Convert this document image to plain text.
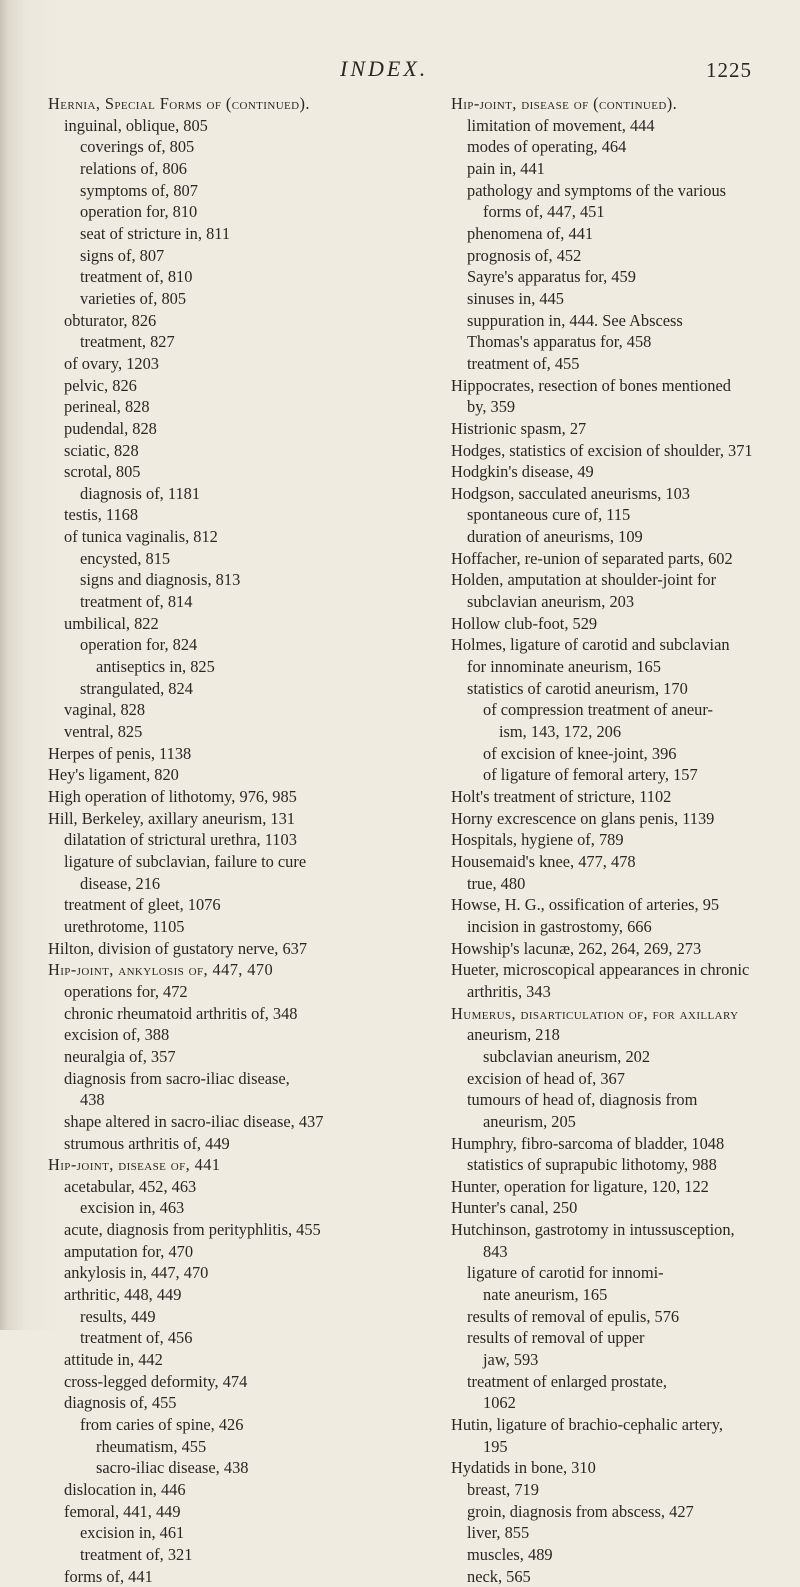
INDEX.	1225
Hernia, Special Forms of (continued).
inguinal, oblique, 805
coverings of, 805
relations of, 806
symptoms of, 807
operation for, 810
seat of stricture in, 811
signs of, 807
treatment of, 810
varieties of, 805
obturator, 826
treatment, 827
of ovary, 1203
pelvic, 826
perineal, 828
pudendal, 828
sciatic, 828
scrotal, 805
diagnosis of, 1181
testis, 1168
of tunica vaginalis, 812
encysted, 815
signs and diagnosis, 813
treatment of, 814
umbilical, 822
operation for, 824
antiseptics in, 825
strangulated, 824
vaginal, 828
ventral, 825
Herpes of penis, 1138
Hey's ligament, 820
High operation of lithotomy, 976, 985
Hill, Berkeley, axillary aneurism, 131
dilatation of strictural urethra, 1103
ligature of subclavian, failure to cure
disease, 216
treatment of gleet, 1076
urethrotome, 1105
Hilton, division of gustatory nerve, 637
Hip-joint, ankylosis of, 447, 470
operations for, 472
chronic rheumatoid arthritis of, 348
excision of, 388
neuralgia of, 357
diagnosis from sacro-iliac disease,
438
shape altered in sacro-iliac disease, 437
strumous arthritis of, 449
Hip-joint, disease of, 441
acetabular, 452, 463
excision in, 463
acute, diagnosis from perityphlitis, 455
amputation for, 470
ankylosis in, 447, 470
arthritic, 448, 449
results, 449
treatment of, 456
attitude in, 442
cross-legged deformity, 474
diagnosis of, 455
from caries of spine, 426
rheumatism, 455
sacro-iliac disease, 438
dislocation in, 446
femoral, 441, 449
excision in, 461
treatment of, 321
forms of, 441
Hip-joint, disease of (continued).
limitation of movement, 444
modes of operating, 464
pain in, 441
pathology and symptoms of the various
forms of, 447, 451
phenomena of, 441
prognosis of, 452
Sayre's apparatus for, 459
sinuses in, 445
suppuration in, 444. See Abscess
Thomas's apparatus for, 458
treatment of, 455
Hippocrates, resection of bones mentioned
by, 359
Histrionic spasm, 27
Hodges, statistics of excision of shoulder, 371
Hodgkin's disease, 49
Hodgson, sacculated aneurisms, 103
spontaneous cure of, 115
duration of aneurisms, 109
Hoffacher, re-union of separated parts, 602
Holden, amputation at shoulder-joint for
subclavian aneurism, 203
Hollow club-foot, 529
Holmes, ligature of carotid and subclavian
for innominate aneurism, 165
statistics of carotid aneurism, 170
of compression treatment of aneur-
ism, 143, 172, 206
of excision of knee-joint, 396
of ligature of femoral artery, 157
Holt's treatment of stricture, 1102
Horny excrescence on glans penis, 1139
Hospitals, hygiene of, 789
Housemaid's knee, 477, 478
true, 480
Howse, H. G., ossification of arteries, 95
incision in gastrostomy, 666
Howship's lacunæ, 262, 264, 269, 273
Hueter, microscopical appearances in chronic
arthritis, 343
Humerus, disarticulation of, for axillary
aneurism, 218
subclavian aneurism, 202
excision of head of, 367
tumours of head of, diagnosis from
aneurism, 205
Humphry, fibro-sarcoma of bladder, 1048
statistics of suprapubic lithotomy, 988
Hunter, operation for ligature, 120, 122
Hunter's canal, 250
Hutchinson, gastrotomy in intussusception,
843
ligature of carotid for innomi-
nate aneurism, 165
results of removal of epulis, 576
results of removal of upper
jaw, 593
treatment of enlarged prostate,
1062
Hutin, ligature of brachio-cephalic artery,
195
Hydatids in bone, 310
breast, 719
groin, diagnosis from abscess, 427
liver, 855
muscles, 489
neck, 565
